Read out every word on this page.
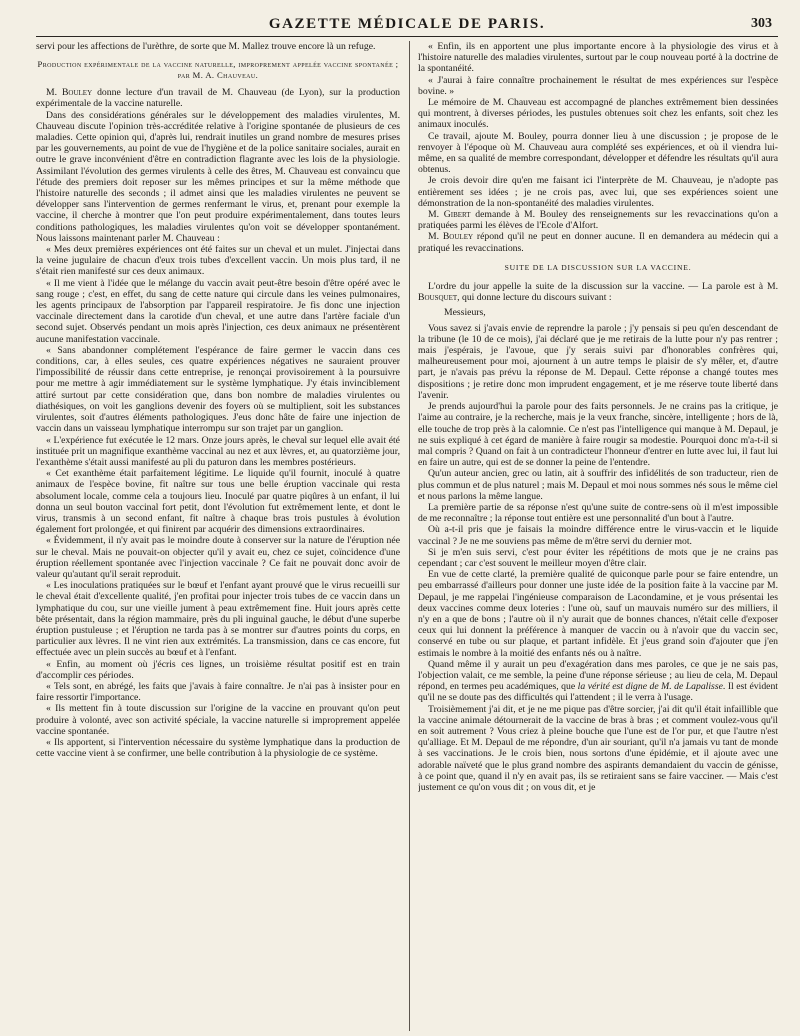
GAZETTE MÉDICALE DE PARIS.	303

servi pour les affections de l'urèthre, de sorte que M. Mallez trouve encore là un refuge.

Production expérimentale de la vaccine naturelle, improprement appelée vaccine spontanée ; par M. A. Chauveau.

M. Bouley donne lecture d'un travail de M. Chauveau (de Lyon), sur la production expérimentale de la vaccine naturelle.

Dans des considérations générales sur le développement des maladies virulentes, M. Chauveau discute l'opinion très-accréditée relative à l'origine spontanée de plusieurs de ces maladies. Cette opinion qui, d'après lui, rendrait inutiles un grand nombre de mesures prises par les gouvernements, au point de vue de l'hygiène et de la police sanitaire sociales, aurait en outre le grave inconvénient d'être en contradiction flagrante avec les lois de la physiologie. Assimilant l'évolution des germes virulents à celle des êtres, M. Chauveau est convaincu que l'étude des premiers doit reposer sur les mêmes principes et sur la même méthode que l'histoire naturelle des seconds ; il admet ainsi que les maladies virulentes ne peuvent se développer sans l'intervention de germes renfermant le virus, et, prenant pour exemple la vaccine, il cherche à montrer que l'on peut produire expérimentalement, dans toutes leurs conditions pathologiques, les maladies virulentes qu'on voit se développer spontanément. Nous laissons maintenant parler M. Chauveau :

« Mes deux premières expériences ont été faites sur un cheval et un mulet. J'injectai dans la veine jugulaire de chacun d'eux trois tubes d'excellent vaccin. Un mois plus tard, il ne s'était rien manifesté sur ces deux animaux.

« Il me vient à l'idée que le mélange du vaccin avait peut-être besoin d'être opéré avec le sang rouge ; c'est, en effet, du sang de cette nature qui circule dans les veines pulmonaires, les agents principaux de l'absorption par l'appareil respiratoire. Je fis donc une injection vaccinale directement dans la carotide d'un cheval, et une autre dans l'artère faciale d'un second sujet. Observés pendant un mois après l'injection, ces deux animaux ne présentèrent aucune manifestation vaccinale.

« Sans abandonner complétement l'espérance de faire germer le vaccin dans ces conditions, car, à elles seules, ces quatre expériences négatives ne sauraient prouver l'impossibilité de réussir dans cette entreprise, je renonçai provisoirement à la poursuivre pour me mettre à agir immédiatement sur le système lymphatique. J'y étais invinciblement attiré surtout par cette considération que, dans bon nombre de maladies virulentes ou diathésiques, on voit les ganglions devenir des foyers où se multiplient, soit les substances virulentes, soit d'autres éléments pathologiques. J'eus donc hâte de faire une injection de vaccin dans un vaisseau lymphatique interrompu sur son trajet par un ganglion.

« L'expérience fut exécutée le 12 mars. Onze jours après, le cheval sur lequel elle avait été instituée prit un magnifique exanthème vaccinal au nez et aux lèvres, et, au quatorzième jour, l'exanthème s'était aussi manifesté au pli du paturon dans les membres postérieurs.

« Cet exanthème était parfaitement légitime. Le liquide qu'il fournit, inoculé à quatre animaux de l'espèce bovine, fit naître sur tous une belle éruption vaccinale qui resta absolument locale, comme cela a toujours lieu. Inoculé par quatre piqûres à un enfant, il lui donna un seul bouton vaccinal fort petit, dont l'évolution fut extrêmement lente, et dont le virus, transmis à un second enfant, fit naître à chaque bras trois pustules à évolution également fort prolongée, et qui finirent par acquérir des dimensions extraordinaires.

« Évidemment, il n'y avait pas le moindre doute à conserver sur la nature de l'éruption née sur le cheval. Mais ne pouvait-on objecter qu'il y avait eu, chez ce sujet, coïncidence d'une éruption réellement spontanée avec l'injection vaccinale ? Ce fait ne pouvait donc avoir de valeur qu'autant qu'il serait reproduit.

« Les inoculations pratiquées sur le bœuf et l'enfant ayant prouvé que le virus recueilli sur le cheval était d'excellente qualité, j'en profitai pour injecter trois tubes de ce vaccin dans un lymphatique du cou, sur une vieille jument à peau extrêmement fine. Huit jours après cette bête présentait, dans la région mammaire, près du pli inguinal gauche, le début d'une superbe éruption pustuleuse ; et l'éruption ne tarda pas à se montrer sur d'autres points du corps, en particulier aux lèvres. Il ne vint rien aux extrémités. La transmission, dans ce cas encore, fut effectuée avec un plein succès au bœuf et à l'enfant.

« Enfin, au moment où j'écris ces lignes, un troisième résultat positif est en train d'accomplir ces périodes.

« Tels sont, en abrégé, les faits que j'avais à faire connaître. Je n'ai pas à insister pour en faire ressortir l'importance.

« Ils mettent fin à toute discussion sur l'origine de la vaccine en prouvant qu'on peut produire à volonté, avec son activité spéciale, la vaccine naturelle si improprement appelée vaccine spontanée.

« Ils apportent, si l'intervention nécessaire du système lymphatique dans la production de cette vaccine vient à se confirmer, une belle contribution à la physiologie de ce système.

« Enfin, ils en apportent une plus importante encore à la physiologie des virus et à l'histoire naturelle des maladies virulentes, surtout par le coup nouveau porté à la doctrine de la spontanéité.

« J'aurai à faire connaître prochainement le résultat de mes expériences sur l'espèce bovine. »

Le mémoire de M. Chauveau est accompagné de planches extrêmement bien dessinées qui montrent, à diverses périodes, les pustules obtenues soit chez les enfants, soit chez les animaux inoculés.

Ce travail, ajoute M. Bouley, pourra donner lieu à une discussion ; je propose de le renvoyer à l'époque où M. Chauveau aura complété ses expériences, et où il viendra lui-même, en sa qualité de membre correspondant, développer et défendre les résultats qu'il aura obtenus.

Je crois devoir dire qu'en me faisant ici l'interprète de M. Chauveau, je n'adopte pas entièrement ses idées ; je ne crois pas, avec lui, que ses expériences soient une démonstration de la non-spontanéité des maladies virulentes.

M. Gibert demande à M. Bouley des renseignements sur les revaccinations qu'on a pratiquées parmi les élèves de l'Ecole d'Alfort.

M. Bouley répond qu'il ne peut en donner aucune. Il en demandera au médecin qui a pratiqué les revaccinations.

SUITE DE LA DISCUSSION SUR LA VACCINE.

L'ordre du jour appelle la suite de la discussion sur la vaccine. — La parole est à M. Bousquet, qui donne lecture du discours suivant :

Messieurs,

Vous savez si j'avais envie de reprendre la parole ; j'y pensais si peu qu'en descendant de la tribune (le 10 de ce mois), j'ai déclaré que je me retirais de la lutte pour n'y pas rentrer ; mais j'espérais, je l'avoue, que j'y serais suivi par d'honorables confrères qui, malheureusement pour moi, ajournent à un autre temps le plaisir de s'y mêler, et, d'autre part, je n'avais pas prévu la réponse de M. Depaul. Cette réponse a changé toutes mes dispositions ; je retire donc mon imprudent engagement, et je me réserve toute liberté dans l'avenir.

Je prends aujourd'hui la parole pour des faits personnels. Je ne crains pas la critique, je l'aime au contraire, je la recherche, mais je la veux franche, sincère, intelligente ; hors de là, elle touche de trop près à la calomnie. Ce n'est pas l'intelligence qui manque à M. Depaul, je ne suis expliqué à cet égard de manière à faire rougir sa modestie. Pourquoi donc m'a-t-il si mal compris ? Quand on fait à un contradicteur l'honneur d'entrer en lutte avec lui, il faut lui en faire un autre, qui est de se donner la peine de l'entendre.

Qu'un auteur ancien, grec ou latin, ait à souffrir des infidélités de son traducteur, rien de plus commun et de plus naturel ; mais M. Depaul et moi nous sommes nés sous le même ciel et nous parlons la même langue.

La première partie de sa réponse n'est qu'une suite de contre-sens où il m'est impossible de me reconnaître ; la réponse tout entière est une personnalité d'un bout à l'autre.

Où a-t-il pris que je faisais la moindre différence entre le virus-vaccin et le liquide vaccinal ? Je ne me souviens pas même de m'être servi du dernier mot.

Si je m'en suis servi, c'est pour éviter les répétitions de mots que je ne crains pas cependant ; car c'est souvent le meilleur moyen d'être clair.

En vue de cette clarté, la première qualité de quiconque parle pour se faire entendre, un peu embarrassé d'ailleurs pour donner une juste idée de la position faite à la vaccine par M. Depaul, je me rappelai l'ingénieuse comparaison de Lacondamine, et je vous présentai les deux vaccines comme deux loteries : l'une où, sauf un mauvais numéro sur des milliers, il n'y en a que de bons ; l'autre où il n'y aurait que de bonnes chances, n'était celle d'exposer ceux qui lui donnent la préférence à manquer de vaccin ou à n'avoir que du vaccin sec, conservé en tube ou sur plaque, et partant infidèle. Et j'eus grand soin d'ajouter que j'en estimais le nombre à la moitié des enfants nés ou à naître.

Quand même il y aurait un peu d'exagération dans mes paroles, ce que je ne sais pas, l'objection valait, ce me semble, la peine d'une réponse sérieuse ; au lieu de cela, M. Depaul répond, en termes peu académiques, que la vérité est digne de M. de Lapalisse. Il est évident qu'il ne se doute pas des difficultés qui l'attendent ; il le verra à l'usage.

Troisièmement j'ai dit, et je ne me pique pas d'être sorcier, j'ai dit qu'il était infaillible que la vaccine animale détournerait de la vaccine de bras à bras ; et comment voulez-vous qu'il en soit autrement ? Vous criez à pleine bouche que l'une est de l'or pur, et que l'autre n'est qu'alliage. Et M. Depaul de me répondre, d'un air souriant, qu'il n'a jamais vu tant de monde à ses vaccinations. Je le crois bien, nous sortons d'une épidémie, et il ajoute avec une adorable naïveté que le plus grand nombre des aspirants demandaient du vaccin de génisse, à ce point que, quand il n'y en avait pas, ils se retiraient sans se faire vacciner. — Mais c'est justement ce qu'on vous dit ; on vous dit, et je
